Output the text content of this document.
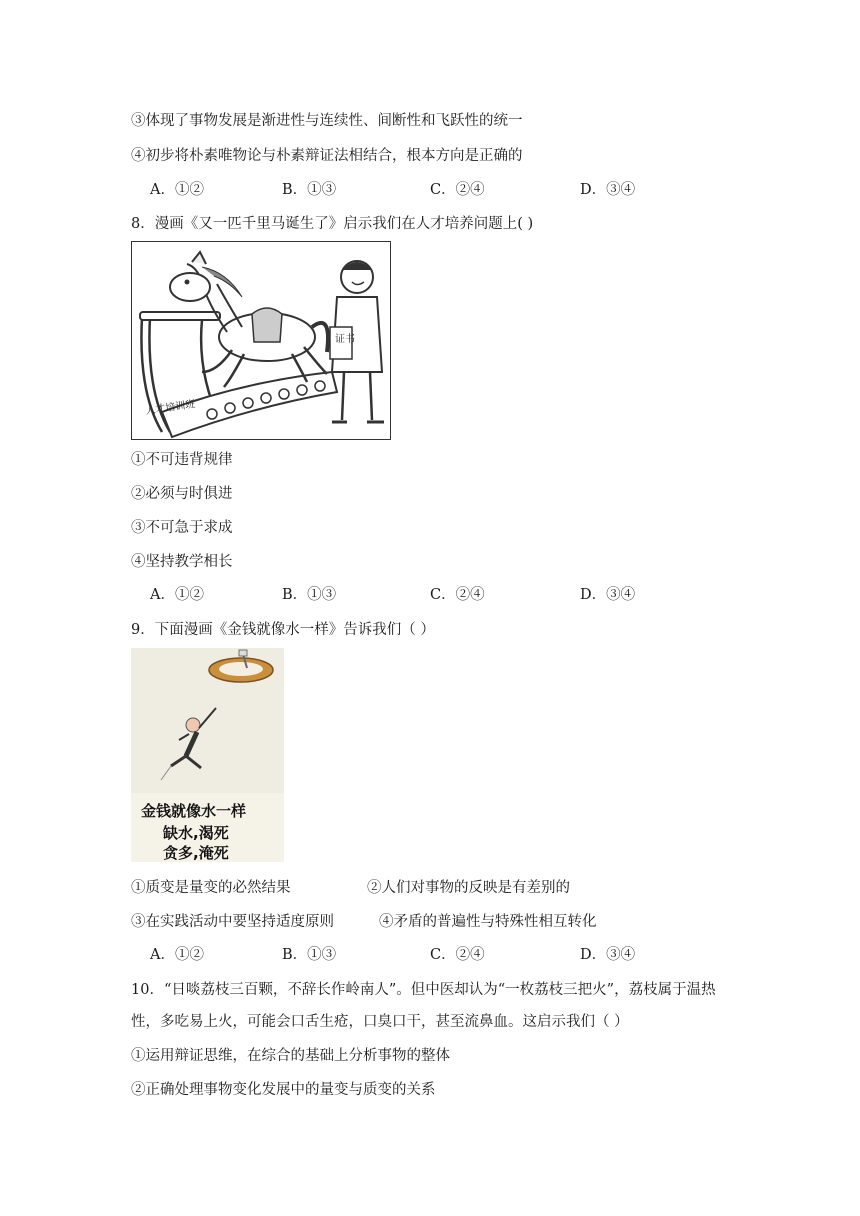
③体现了事物发展是渐进性与连续性、间断性和飞跃性的统一
④初步将朴素唯物论与朴素辩证法相结合，根本方向是正确的
A．①②	B．①③	C．②④	D．③④
8．漫画《又一匹千里马诞生了》启示我们在人才培养问题上( )
人才培训班
证书
①不可违背规律
②必须与时俱进
③不可急于求成
④坚持教学相长
A．①②	B．①③	C．②④	D．③④
9．下面漫画《金钱就像水一样》告诉我们（ ）
金钱就像水一样
缺水,渴死
贪多,淹死
①质变是量变的必然结果	②人们对事物的反映是有差别的
③在实践活动中要坚持适度原则	④矛盾的普遍性与特殊性相互转化
A．①②	B．①③	C．②④	D．③④
10．“日啖荔枝三百颗，不辞长作岭南人”。但中医却认为“一枚荔枝三把火”，荔枝属于温热
性，多吃易上火，可能会口舌生疮，口臭口干，甚至流鼻血。这启示我们（ ）
①运用辩证思维，在综合的基础上分析事物的整体
②正确处理事物变化发展中的量变与质变的关系
